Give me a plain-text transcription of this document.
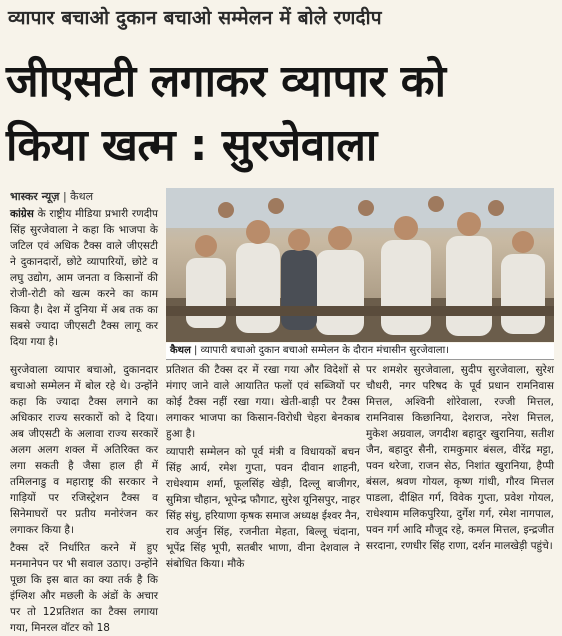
व्यापार बचाओ दुकान बचाओ सम्मेलन में बोले रणदीप
जीएसटी लगाकर व्यापार को
किया खत्म : सुरजेवाला
भास्कर न्यूज़ | कैथल
कांग्रेस के राष्ट्रीय मीडिया प्रभारी रणदीप सिंह सुरजेवाला ने कहा कि भाजपा के जटिल एवं अधिक टैक्स वाले जीएसटी ने दुकानदारों, छोटे व्यापारियों, छोटे व लघु उद्योग, आम जनता व किसानों की रोजी-रोटी को खत्म करने का काम किया है। देश में दुनिया में अब तक का सबसे ज्यादा जीएसटी टैक्स लागू कर दिया गया है।
कैथल | व्यापारी बचाओ दुकान बचाओ सम्मेलन के दौरान मंचासीन सुरजेवाला।

सुरजेवाला व्यापार बचाओ, दुकानदार बचाओ सम्मेलन में बोल रहे थे। उन्होंने कहा कि ज्यादा टैक्स लगाने का अधिकार राज्य सरकारों को दे दिया। अब जीएसटी के अलावा राज्य सरकारें अलग अलग शक्ल में अतिरिक्त कर लगा सकती है जैसा हाल ही में तमिलनाडु व महाराष्ट्र की सरकार ने गाड़ियों पर रजिस्ट्रेशन टैक्स व सिनेमाघरों पर प्रतीय मनोरंजन कर लगाकर किया है।

टैक्स दरें निर्धारित करने में हुए मनमानेपन पर भी सवाल उठाए। उन्होंने पूछा कि इस बात का क्या तर्क है कि इंग्लिश और मछली के अंडों के अचार पर तो 12प्रतिशत का टैक्स लगाया गया, मिनरल वॉटर को 18

प्रतिशत की टैक्स दर में रखा गया और विदेशों से मंगाए जाने वाले आयातित फलों एवं सब्जियों पर कोई टैक्स नहीं रखा गया। खेती-बाड़ी पर टैक्स लगाकर भाजपा का किसान-विरोधी चेहरा बेनकाब हुआ है।

व्यापारी सम्मेलन को पूर्व मंत्री व विधायकों बचन सिंह आर्य, रमेश गुप्ता, पवन दीवान शाहनी, राधेश्याम शर्मा, फूलसिंह खेड़ी, दिल्लू बाजीगर, सुमित्रा चौहान, भूपेन्द्र फौगाट, सुरेश यूनिसपुर, नाहर सिंह संधु, हरियाणा कृषक समाज अध्यक्ष ईश्वर नैन, राव अर्जुन सिंह, रजनीता मेहता, बिल्लू चंदाना, भूपेंद्र सिंह भूपी, सतबीर भाणा, वीना देशवाल ने संबोधित किया। मौके

पर शमशेर सुरजेवाला, सुदीप सुरजेवाला, सुरेश चौधरी, नगर परिषद के पूर्व प्रधान रामनिवास मित्तल, अश्विनी शोरेवाला, रज्जी मित्तल, रामनिवास किछानिया, देशराज, नरेश मित्तल, मुकेश अग्रवाल, जगदीश बहादुर खुरानिया, सतीश जैन, बहादुर सैनी, रामकुमार बंसल, वीरेंद्र मट्टा, पवन थरेजा, राजन सेठ, निशांत खुरानिया, हैप्पी बंसल, श्रवण गोयल, कृष्ण गांधी, गौरव मित्तल पाडला, दीक्षित गर्ग, विवेक गुप्ता, प्रवेश गोयल, राधेश्याम मलिकपुरिया, दुर्गेश गर्ग, रमेश नागपाल, पवन गर्ग आदि मौजूद रहे, कमल मित्तल, इन्द्रजीत सरदाना, रणधीर सिंह राणा, दर्शन मालखेड़ी पहुंचे।
